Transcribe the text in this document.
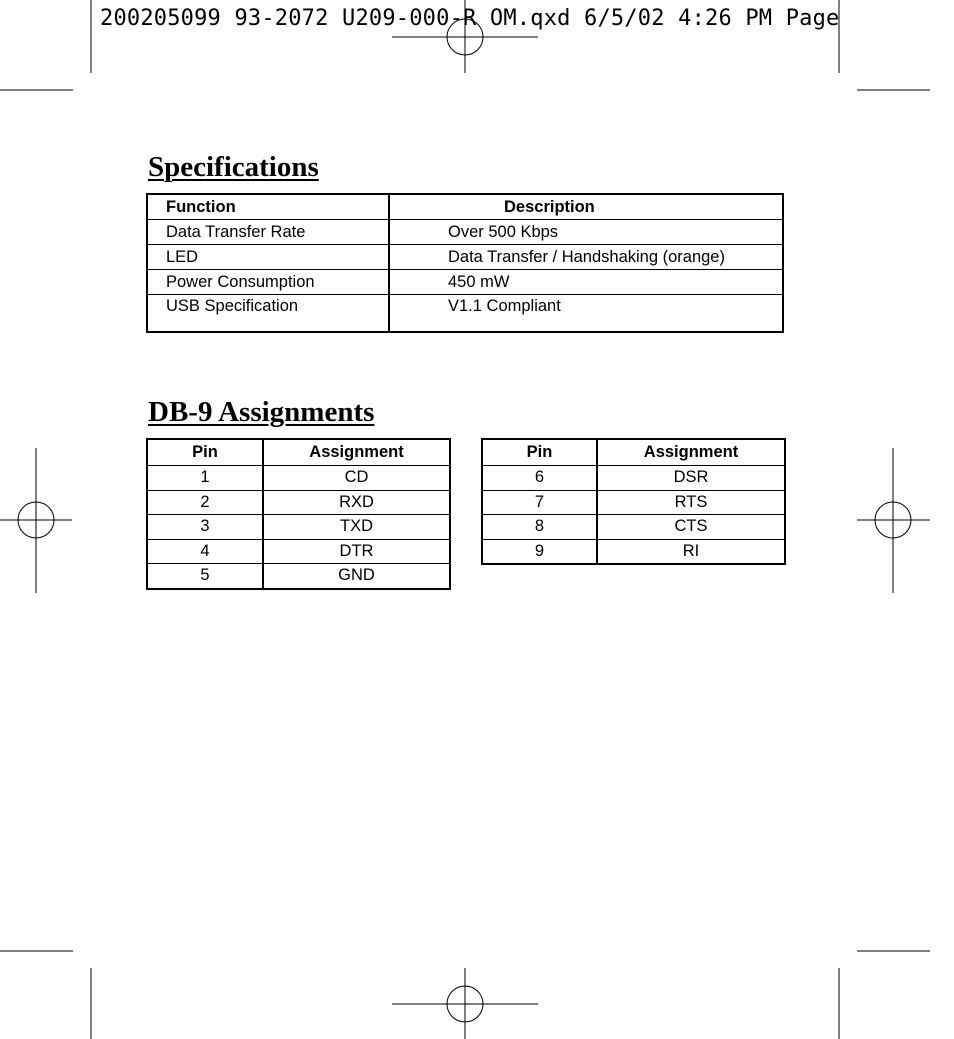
200205099 93-2072 U209-000-R OM.qxd 6/5/02 4:26 PM Page
Specifications
Function	Description
Data Transfer Rate	Over 500 Kbps
LED	Data Transfer / Handshaking (orange)
Power Consumption	450 mW
USB Specification	V1.1 Compliant
DB-9 Assignments
Pin	Assignment
1	CD
2	RXD
3	TXD
4	DTR
5	GND
Pin	Assignment
6	DSR
7	RTS
8	CTS
9	RI
